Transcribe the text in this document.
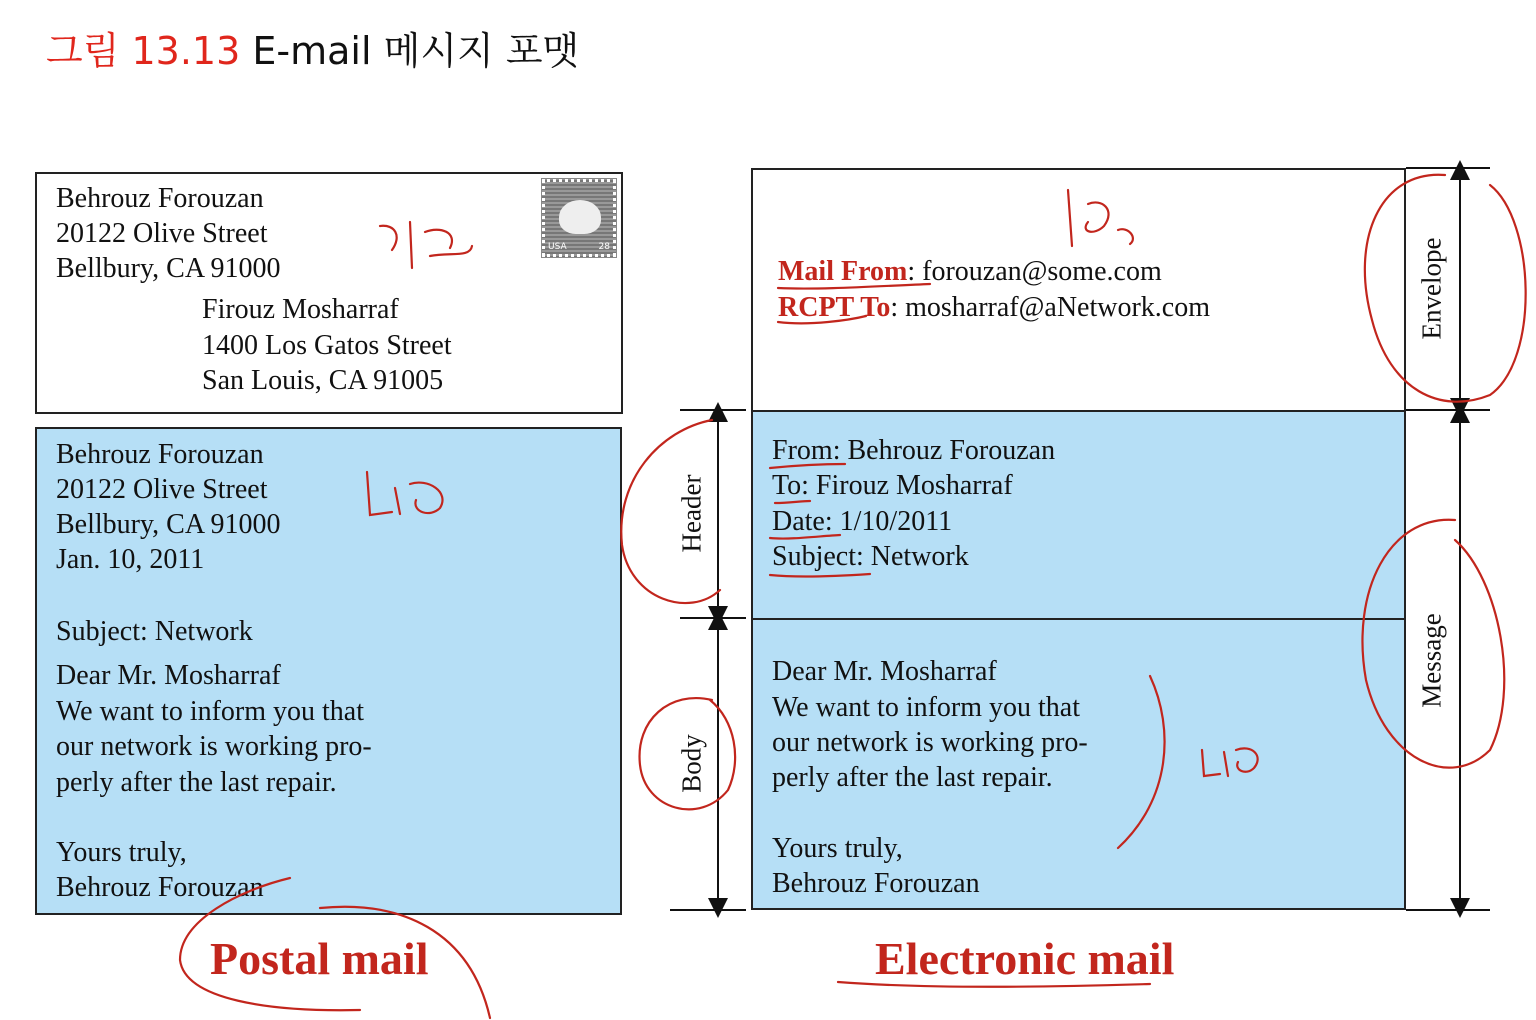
그림 13.13 E-mail 메시지 포맷
Behrouz Forouzan
20122 Olive Street
Bellbury, CA 91000
Firouz Mosharraf
1400 Los Gatos Street
San Louis, CA 91005
USA	28
Behrouz Forouzan
20122 Olive Street
Bellbury, CA 91000
Jan. 10, 2011
Subject: Network
Dear Mr. Mosharraf
We want to inform you that
our network is working pro-
perly after the last repair.
Yours truly,
Behrouz Forouzan
Postal mail
Mail From: forouzan@some.com
RCPT To: mosharraf@aNetwork.com
From: Behrouz Forouzan
To: Firouz Mosharraf
Date: 1/10/2011
Subject: Network
Dear Mr. Mosharraf
We want to inform you that
our network is working pro-
perly after the last repair.
Yours truly,
Behrouz Forouzan
Electronic mail
Header
Body
Envelope
Message
